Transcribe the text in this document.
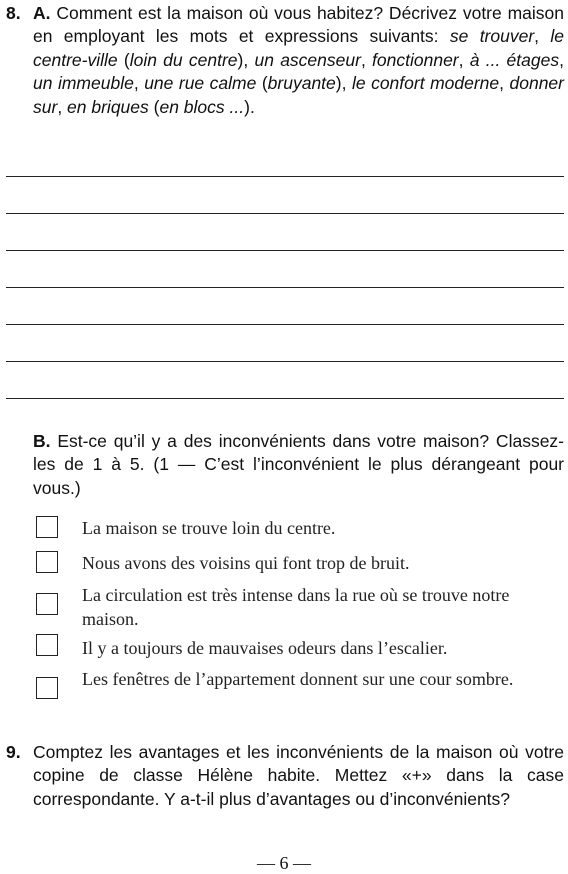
8. A. Comment est la maison où vous habitez? Décrivez votre maison en employant les mots et expressions suivants: se trouver, le centre-ville (loin du centre), un ascenseur, fonctionner, à ... étages, un immeuble, une rue calme (bruyante), le confort moderne, donner sur, en briques (en blocs ...).
B. Est-ce qu’il y a des inconvénients dans votre maison? Classez-les de 1 à 5. (1 — C’est l’inconvénient le plus dérangeant pour vous.)
La maison se trouve loin du centre.
Nous avons des voisins qui font trop de bruit.
La circulation est très intense dans la rue où se trouve notre maison.
Il y a toujours de mauvaises odeurs dans l’escalier.
Les fenêtres de l’appartement donnent sur une cour sombre.
9. Comptez les avantages et les inconvénients de la maison où votre copine de classe Hélène habite. Mettez «+» dans la case correspondante. Y a-t-il plus d’avantages ou d’inconvénients?
— 6 —
